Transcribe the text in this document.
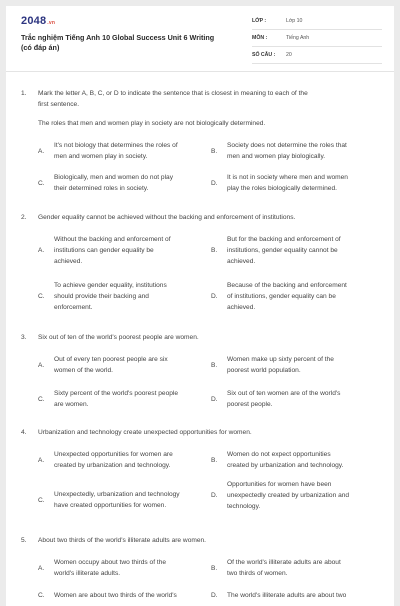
2048.vn
Trắc nghiệm Tiếng Anh 10 Global Success Unit 6 Writing
(có đáp án)
LỚP :	Lớp 10
MÔN :	Tiếng Anh
SỐ CÂU : 20
1. Mark the letter A, B, C, or D to indicate the sentence that is closest in meaning to each of the
first sentence.
The roles that men and women play in society are not biologically determined.
A.
It's not biology that determines the roles of
men and women play in society.
B.
Society does not determine the roles that
men and women play biologically.
C.
Biologically, men and women do not play
their determined roles in society.
D.
It is not in society where men and women
play the roles biologically determined.
2. Gender equality cannot be achieved without the backing and enforcement of institutions.
A.
Without the backing and enforcement of
institutions can gender equality be
achieved.
B.
But for the backing and enforcement of
institutions, gender equality cannot be
achieved.
C.
To achieve gender equality, institutions
should provide their backing and
enforcement.
D.
Because of the backing and enforcement
of institutions, gender equality can be
achieved.
3. Six out of ten of the world's poorest people are women.
A.
Out of every ten poorest people are six
women of the world.
B.
Women make up sixty percent of the
poorest world population.
C.
Sixty percent of the world's poorest people
are women.
D.
Six out of ten women are of the world's
poorest people.
4. Urbanization and technology create unexpected opportunities for women.
A.
Unexpected opportunities for women are
created by urbanization and technology.
B.
Women do not expect opportunities
created by urbanization and technology.
C.
Unexpectedly, urbanization and technology
have created opportunities for women.
D.
Opportunities for women have been
unexpectedly created by urbanization and
technology.
5. About two thirds of the world's illiterate adults are women.
A.
Women occupy about two thirds of the
world's illiterate adults.
B.
Of the world's illiterate adults are about
two thirds of women.
C. Women are about two thirds of the world's	D. The world's illiterate adults are about two
